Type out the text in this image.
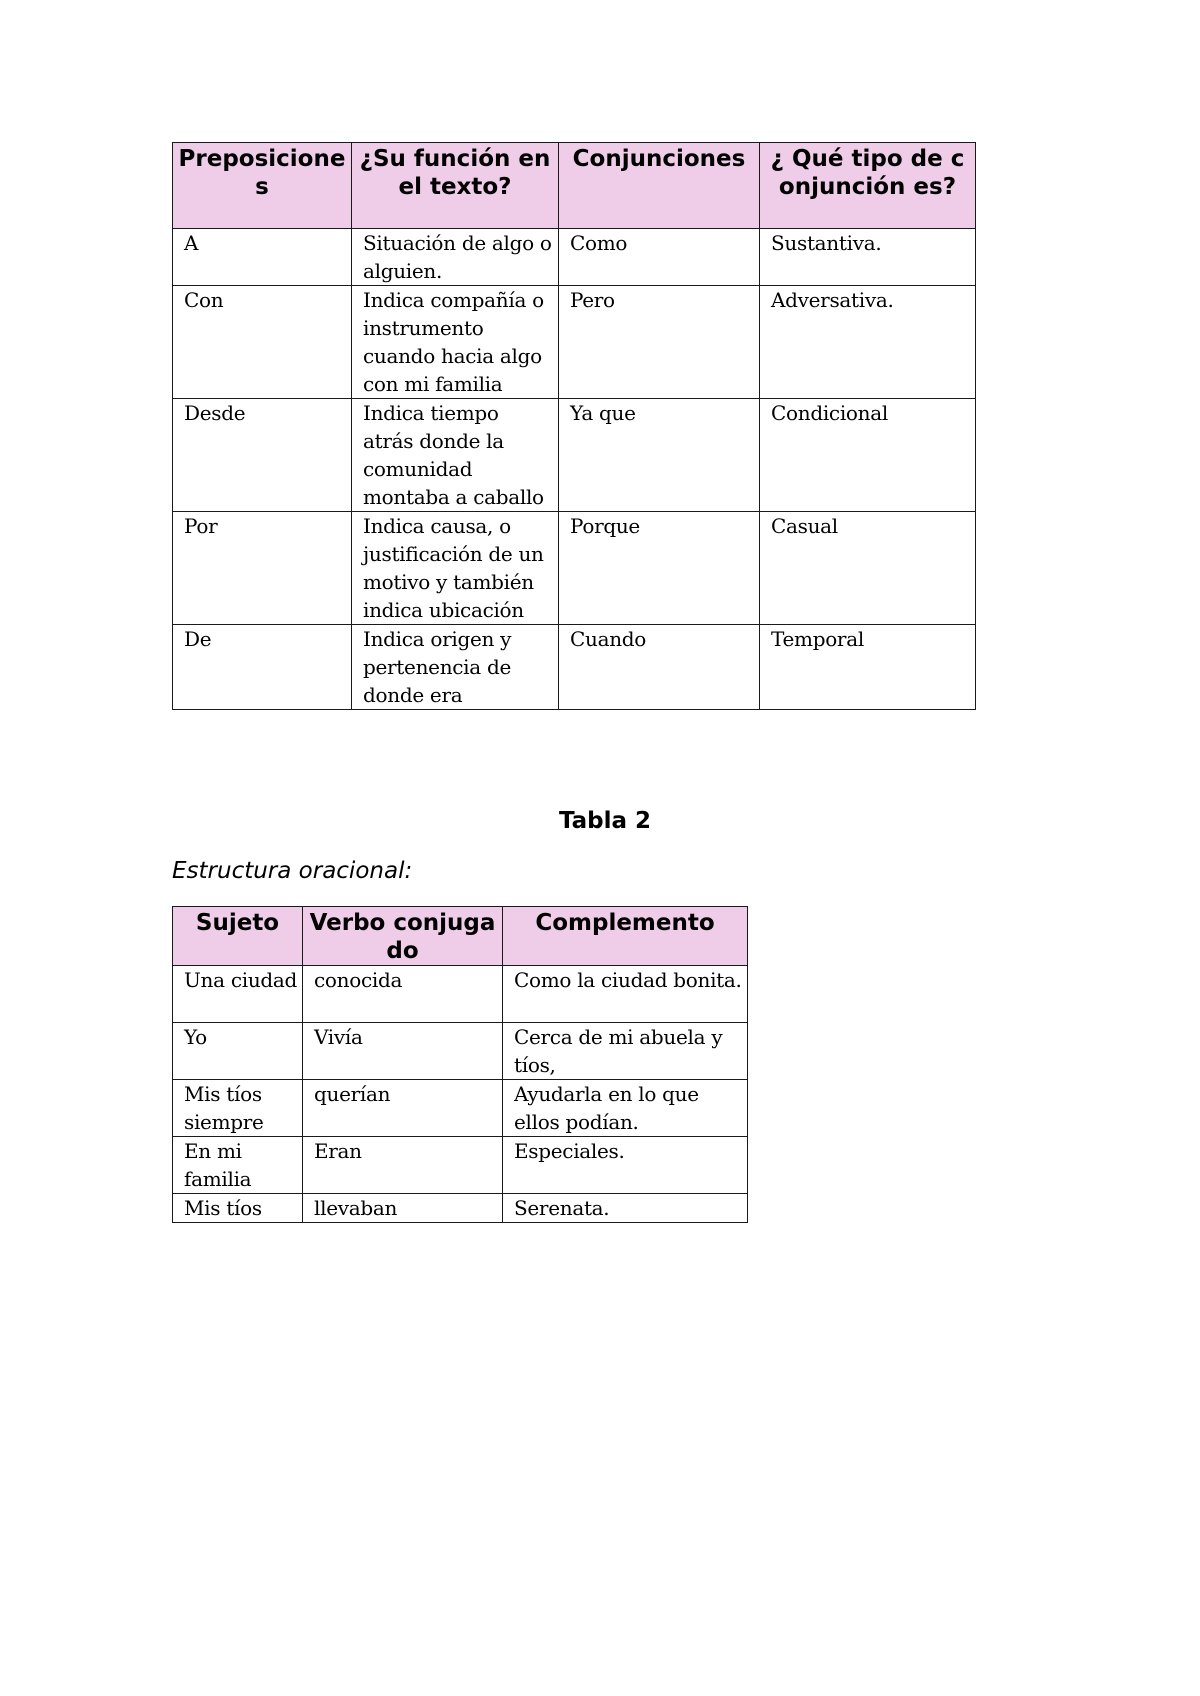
Preposiciones	¿Su función en el texto?	Conjunciones	¿ Qué tipo de conjunción es?
A	Situación de algo o alguien.	Como	Sustantiva.
Con	Indica compañía o instrumento cuando hacia algo con mi familia	Pero	Adversativa.
Desde	Indica tiempo atrás donde la comunidad montaba a caballo	Ya que	Condicional
Por	Indica causa, o justificación de un motivo y también indica ubicación	Porque	Casual
De	Indica origen y pertenencia de donde era	Cuando	Temporal
Tabla 2
Estructura oracional:
Sujeto	Verbo conjugado	Complemento
Una ciudad	conocida	Como la ciudad bonita.
Yo	Vivía	Cerca de mi abuela y tíos,
Mis tíos siempre	querían	Ayudarla en lo que ellos podían.
En mi familia	Eran	Especiales.
Mis tíos	llevaban	Serenata.
